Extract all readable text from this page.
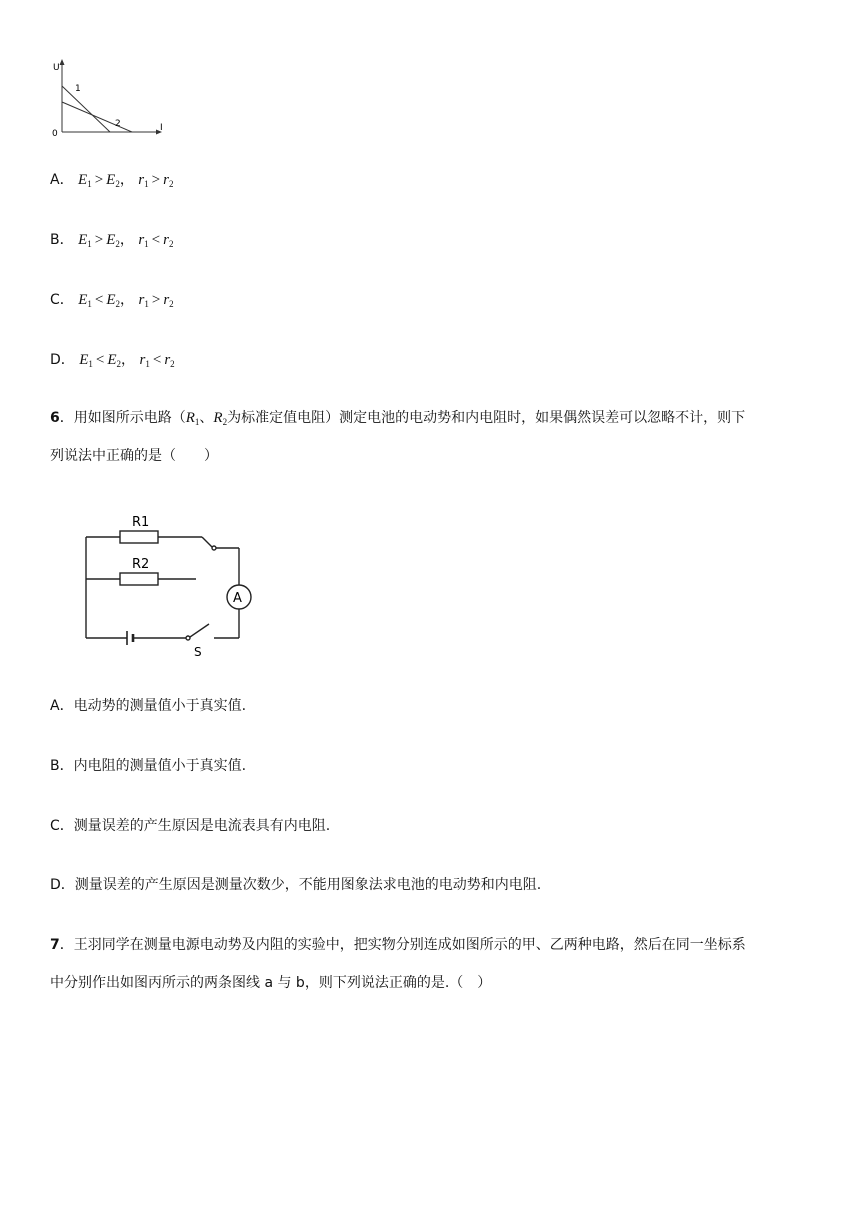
U
I
0
1
2
A． $E_1 > E_2$， $r_1 > r_2$
B． $E_1 > E_2$， $r_1 < r_2$
C． $E_1 < E_2$， $r_1 > r_2$
D． $E_1 < E_2$， $r_1 < r_2$
6．用如图所示电路（$R_1$、$R_2$为标准定值电阻）测定电池的电动势和内电阻时，如果偶然误差可以忽略不计，则下
列说法中正确的是（　　）
R1
R2
A
S
A．电动势的测量值小于真实值.
B．内电阻的测量值小于真实值.
C．测量误差的产生原因是电流表具有内电阻.
D．测量误差的产生原因是测量次数少，不能用图象法求电池的电动势和内电阻.
7．王羽同学在测量电源电动势及内阻的实验中，把实物分别连成如图所示的甲、乙两种电路，然后在同一坐标系
中分别作出如图丙所示的两条图线 a 与 b，则下列说法正确的是.（　）
